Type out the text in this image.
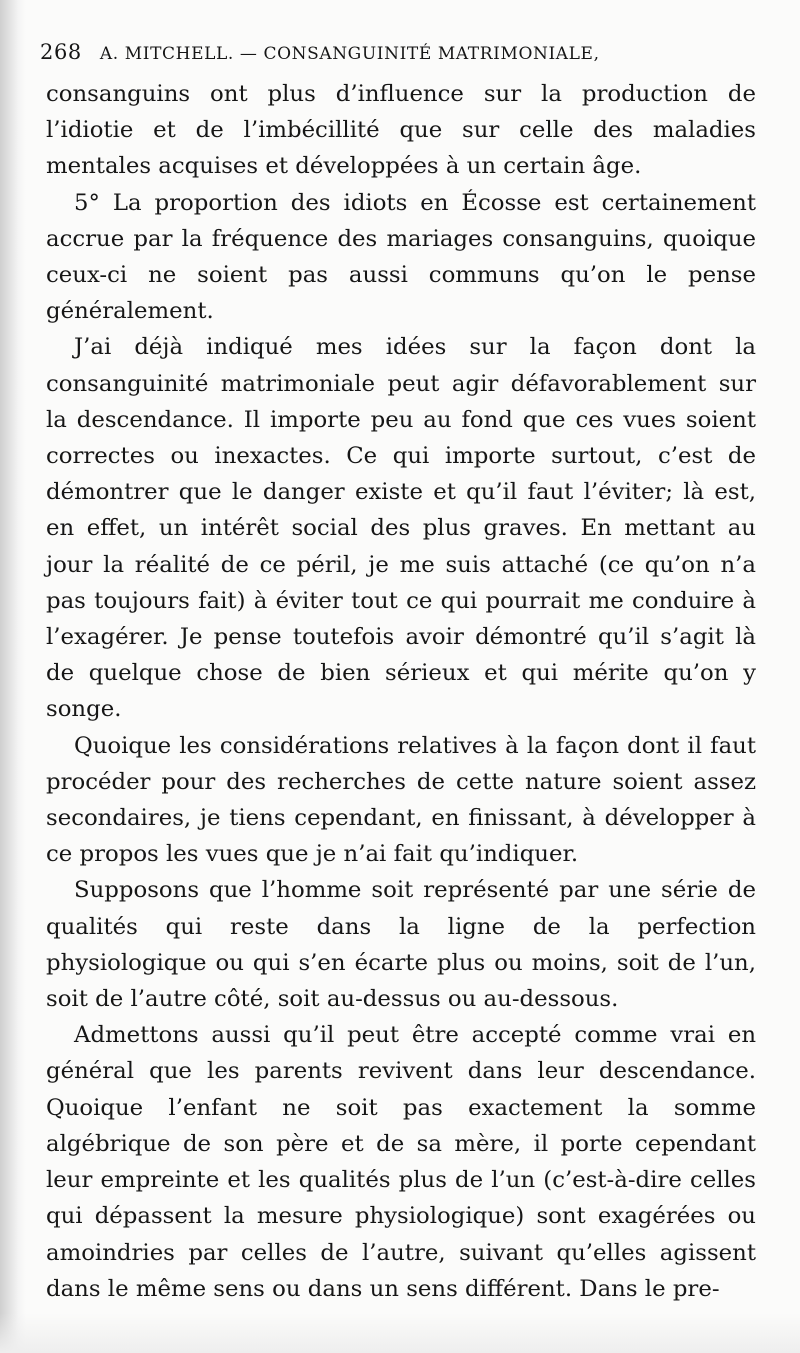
268 A. MITCHELL. — CONSANGUINITÉ MATRIMONIALE,

consanguins ont plus d’influence sur la production de l’idiotie et de l’imbécillité que sur celle des maladies mentales acquises et développées à un certain âge.

5° La proportion des idiots en Écosse est certainement accrue par la fréquence des mariages consanguins, quoique ceux-ci ne soient pas aussi communs qu’on le pense généralement.

J’ai déjà indiqué mes idées sur la façon dont la consanguinité matrimoniale peut agir défavorablement sur la descendance. Il importe peu au fond que ces vues soient correctes ou inexactes. Ce qui importe surtout, c’est de démontrer que le danger existe et qu’il faut l’éviter; là est, en effet, un intérêt social des plus graves. En mettant au jour la réalité de ce péril, je me suis attaché (ce qu’on n’a pas toujours fait) à éviter tout ce qui pourrait me conduire à l’exagérer. Je pense toutefois avoir démontré qu’il s’agit là de quelque chose de bien sérieux et qui mérite qu’on y songe.

Quoique les considérations relatives à la façon dont il faut procéder pour des recherches de cette nature soient assez secondaires, je tiens cependant, en finissant, à développer à ce propos les vues que je n’ai fait qu’indiquer.

Supposons que l’homme soit représenté par une série de qualités qui reste dans la ligne de la perfection physiologique ou qui s’en écarte plus ou moins, soit de l’un, soit de l’autre côté, soit au-dessus ou au-dessous.

Admettons aussi qu’il peut être accepté comme vrai en général que les parents revivent dans leur descendance. Quoique l’enfant ne soit pas exactement la somme algébrique de son père et de sa mère, il porte cependant leur empreinte et les qualités plus de l’un (c’est-à-dire celles qui dépassent la mesure physiologique) sont exagérées ou amoindries par celles de l’autre, suivant qu’elles agissent dans le même sens ou dans un sens différent. Dans le pre-
